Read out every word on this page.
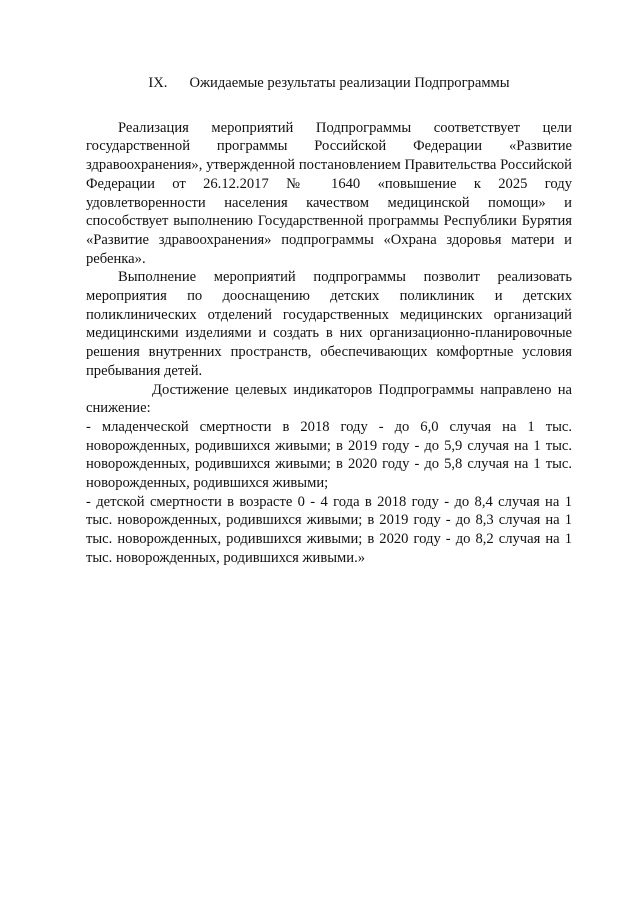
IX. Ожидаемые результаты реализации Подпрограммы

Реализация мероприятий Подпрограммы соответствует цели государственной программы Российской Федерации «Развитие здравоохранения», утвержденной постановлением Правительства Российской Федерации от 26.12.2017 № 1640 «повышение к 2025 году удовлетворенности населения качеством медицинской помощи» и способствует выполнению Государственной программы Республики Бурятия «Развитие здравоохранения» подпрограммы «Охрана здоровья матери и ребенка».

Выполнение мероприятий подпрограммы позволит реализовать мероприятия по дооснащению детских поликлиник и детских поликлинических отделений государственных медицинских организаций медицинскими изделиями и создать в них организационно-планировочные решения внутренних пространств, обеспечивающих комфортные условия пребывания детей.

Достижение целевых индикаторов Подпрограммы направлено на снижение:

- младенческой смертности в 2018 году - до 6,0 случая на 1 тыс. новорожденных, родившихся живыми; в 2019 году - до 5,9 случая на 1 тыс. новорожденных, родившихся живыми; в 2020 году - до 5,8 случая на 1 тыс. новорожденных, родившихся живыми;

- детской смертности в возрасте 0 - 4 года в 2018 году - до 8,4 случая на 1 тыс. новорожденных, родившихся живыми; в 2019 году - до 8,3 случая на 1 тыс. новорожденных, родившихся живыми; в 2020 году - до 8,2 случая на 1 тыс. новорожденных, родившихся живыми.»
